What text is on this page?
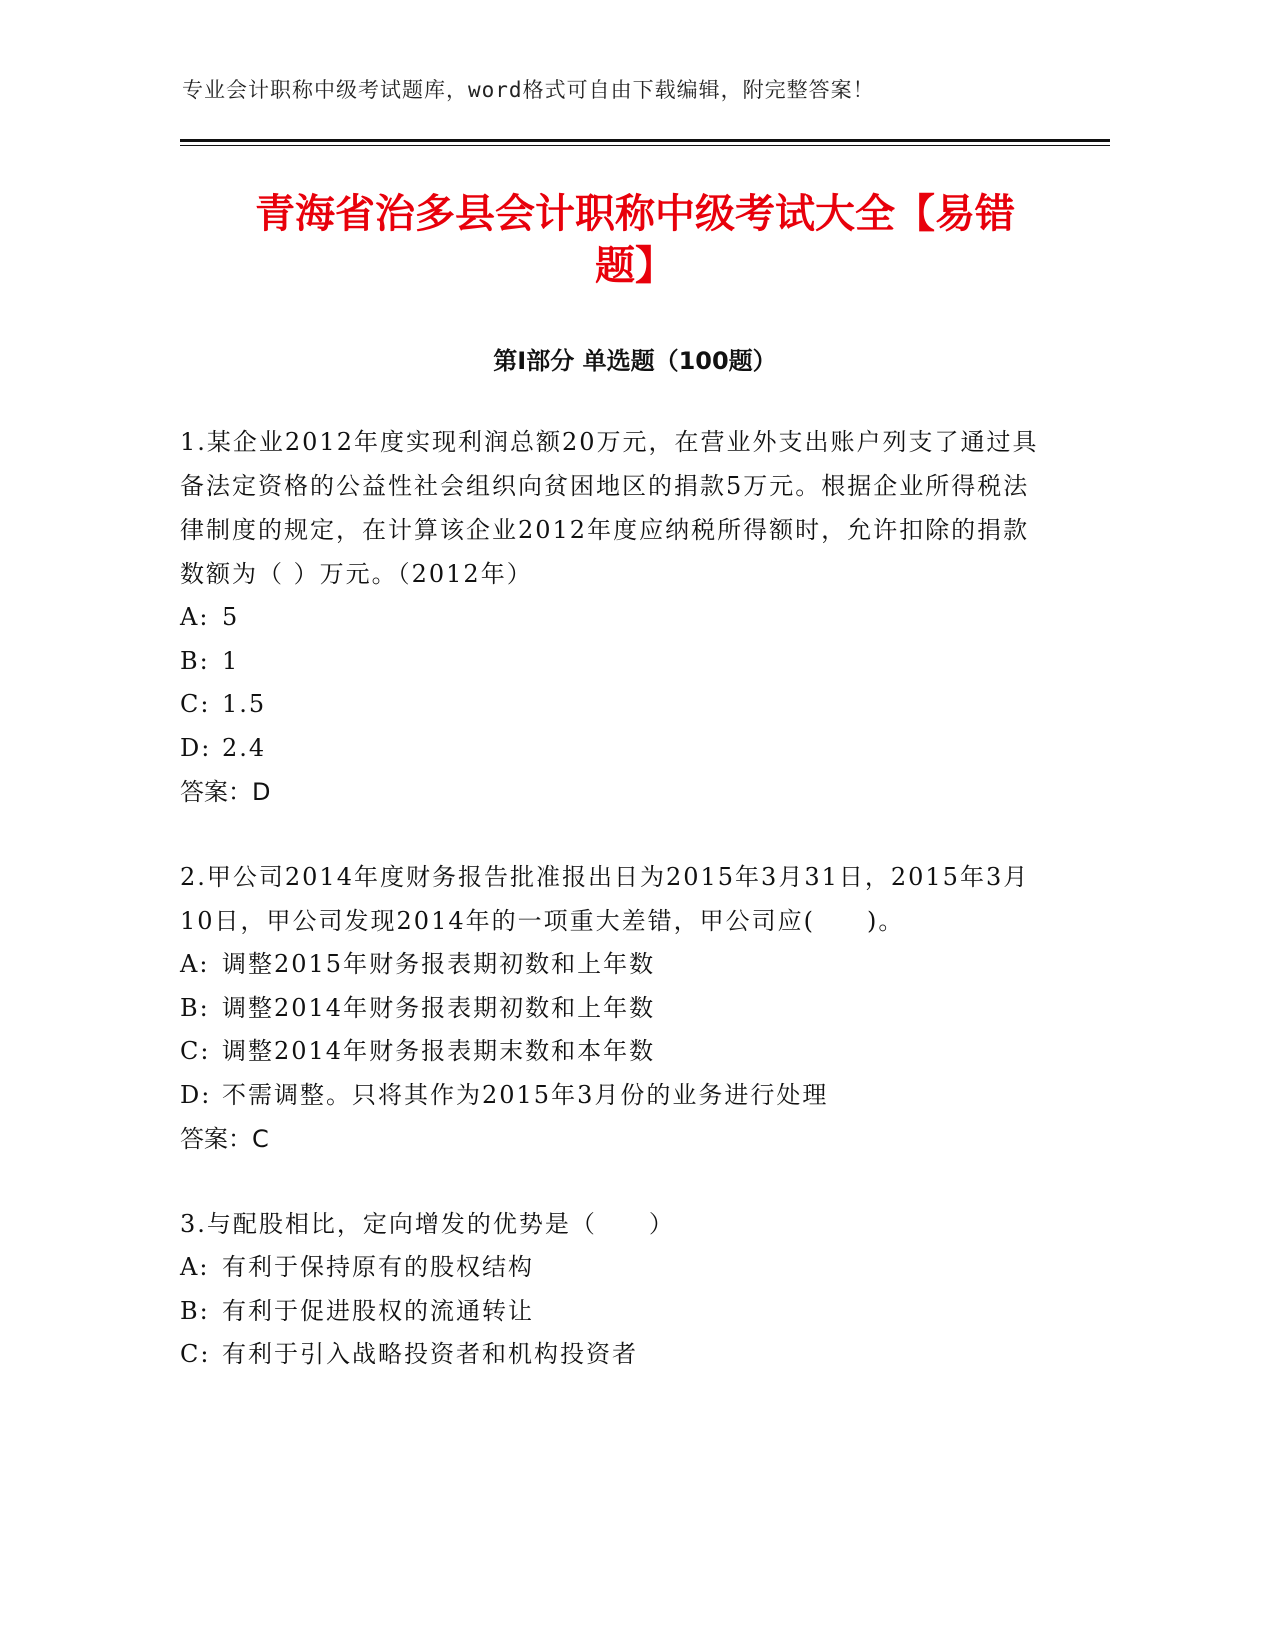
专业会计职称中级考试题库，word格式可自由下载编辑，附完整答案！
青海省治多县会计职称中级考试大全【易错
题】
第Ⅰ部分 单选题（100题）

1.某企业2012年度实现利润总额20万元，在营业外支出账户列支了通过具备法定资格的公益性社会组织向贫困地区的捐款5万元。根据企业所得税法律制度的规定，在计算该企业2012年度应纳税所得额时，允许扣除的捐款数额为（ ）万元。（2012年）

A: 5

B: 1

C: 1.5

D: 2.4

答案：D

2.甲公司2014年度财务报告批准报出日为2015年3月31日，2015年3月10日，甲公司发现2014年的一项重大差错，甲公司应(　　)。

A: 调整2015年财务报表期初数和上年数

B: 调整2014年财务报表期初数和上年数

C: 调整2014年财务报表期末数和本年数

D: 不需调整。只将其作为2015年3月份的业务进行处理

答案：C

3.与配股相比，定向增发的优势是（　　）

A: 有利于保持原有的股权结构

B: 有利于促进股权的流通转让

C: 有利于引入战略投资者和机构投资者
